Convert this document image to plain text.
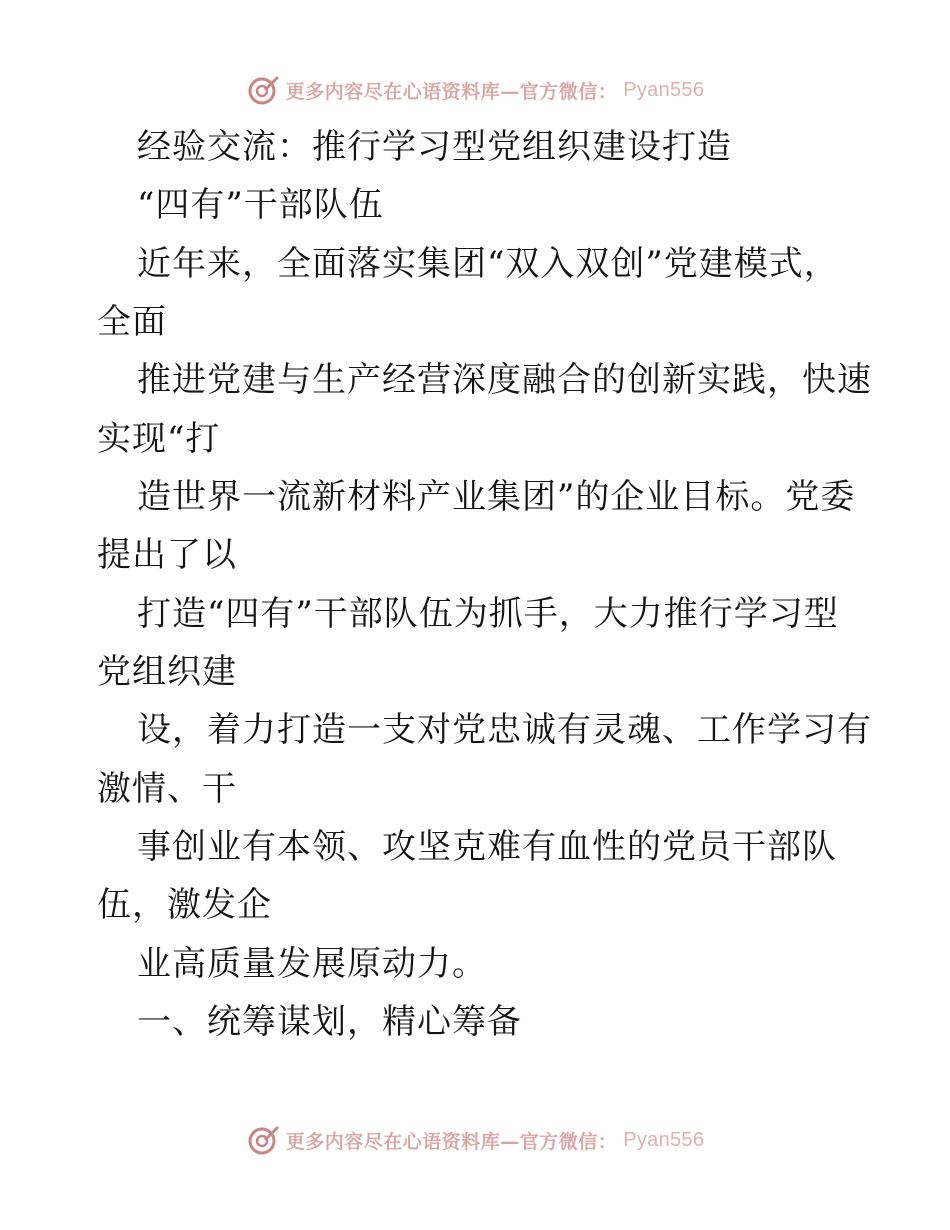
更多内容尽在心语资料库—官方微信： Pyan556
经验交流：推行学习型党组织建设打造
“四有”干部队伍
近年来，全面落实集团“双入双创”党建模式，
全面
推进党建与生产经营深度融合的创新实践，快速
实现“打
造世界一流新材料产业集团”的企业目标。党委
提出了以
打造“四有”干部队伍为抓手，大力推行学习型
党组织建
设，着力打造一支对党忠诚有灵魂、工作学习有
激情、干
事创业有本领、攻坚克难有血性的党员干部队
伍，激发企
业高质量发展原动力。
一、统筹谋划，精心筹备
更多内容尽在心语资料库—官方微信： Pyan556
